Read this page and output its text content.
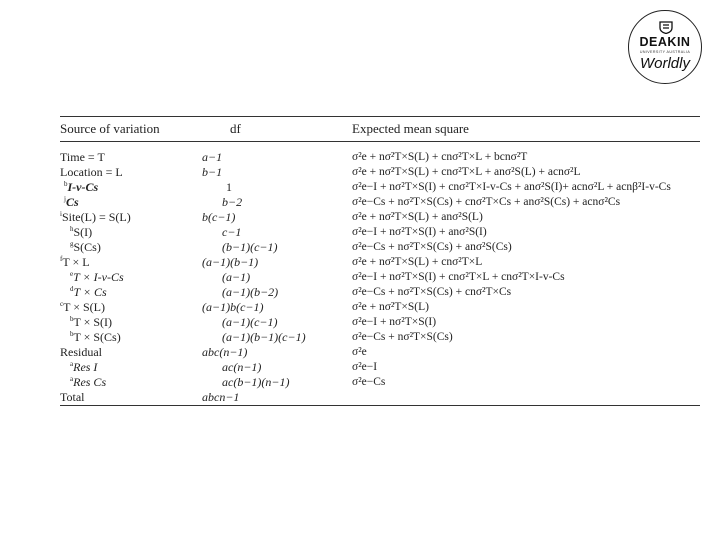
DEAKIN
UNIVERSITY AUSTRALIA
Worldly
Source of variation	df	Expected mean square
Time = T	a−1	σ²e + nσ²T×S(L) + cnσ²T×L + bcnσ²T
Location = L	b−1	σ²e + nσ²T×S(L) + cnσ²T×L + anσ²S(L) + acnσ²L
$^b$I-v-Cs	1	σ²e−I + nσ²T×S(I) + cnσ²T×I-v-Cs + anσ²S(I)+ acnσ²L + acnβ²I-v-Cs
$^j$Cs	b−2	σ²e−Cs + nσ²T×S(Cs) + cnσ²T×Cs + anσ²S(Cs) + acnσ²Cs
$^i$Site(L) = S(L)	b(c−1)	σ²e + nσ²T×S(L) + anσ²S(L)
$^h$S(I)	c−1	σ²e−I + nσ²T×S(I) + anσ²S(I)
$^g$S(Cs)	(b−1)(c−1)	σ²e−Cs + nσ²T×S(Cs) + anσ²S(Cs)
$^f$T × L	(a−1)(b−1)	σ²e + nσ²T×S(L) + cnσ²T×L
$^e$T × I-v-Cs	(a−1)	σ²e−I + nσ²T×S(I) + cnσ²T×L + cnσ²T×I-v-Cs
$^d$T × Cs	(a−1)(b−2)	σ²e−Cs + nσ²T×S(Cs) + cnσ²T×Cs
$^c$T × S(L)	(a−1)b(c−1)	σ²e + nσ²T×S(L)
$^b$T × S(I)	(a−1)(c−1)	σ²e−I + nσ²T×S(I)
$^b$T × S(Cs)	(a−1)(b−1)(c−1)	σ²e−Cs + nσ²T×S(Cs)
Residual	abc(n−1)	σ²e
$^a$Res I	ac(n−1)	σ²e−I
$^a$Res Cs	ac(b−1)(n−1)	σ²e−Cs
Total	abcn−1
